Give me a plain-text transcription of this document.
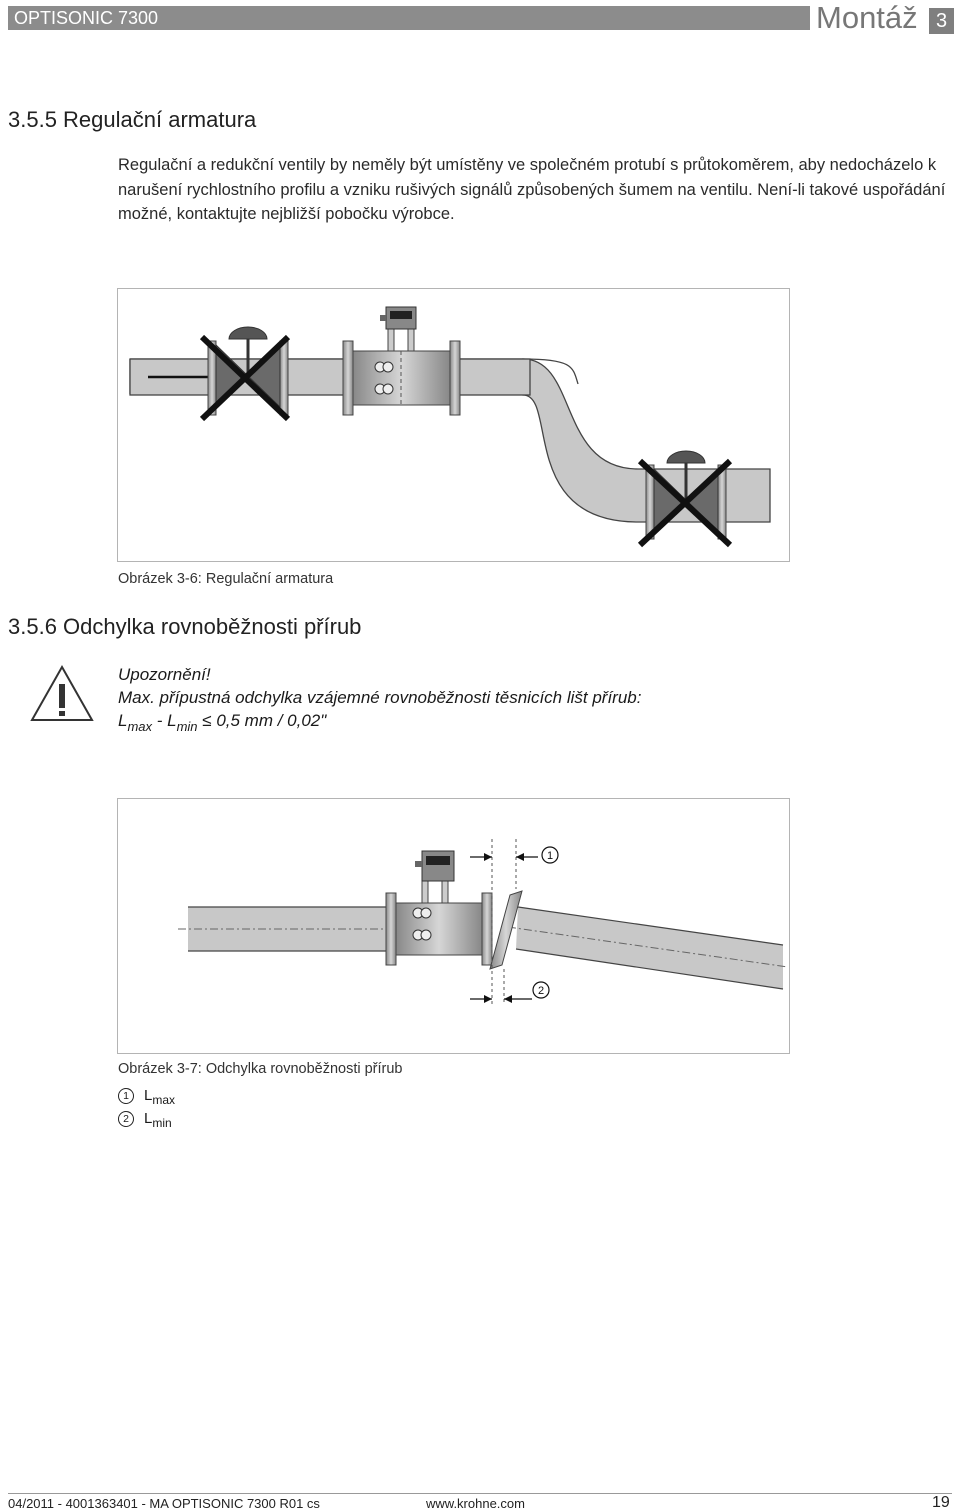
OPTISONIC 7300	Montáž 3
3.5.5 Regulační armatura
Regulační a redukční ventily by neměly být umístěny ve společném protubí s průtokoměrem, aby nedocházelo k narušení rychlostního profilu a vzniku rušivých signálů způsobených šumem na ventilu. Není-li takové uspořádání možné, kontaktujte nejbližší pobočku výrobce.
Obrázek 3-6: Regulační armatura
3.5.6 Odchylka rovnoběžnosti přírub
Upozornění!
Max. přípustná odchylka vzájemné rovnoběžnosti těsnicích lišt přírub:
$L_{max} - L_{min} \le 0,5$ mm / 0,02"
1
2
Obrázek 3-7: Odchylka rovnoběžnosti přírub
1 $L_{max}$
2 $L_{min}$
04/2011 - 4001363401 - MA OPTISONIC 7300 R01 cs	www.krohne.com	19
